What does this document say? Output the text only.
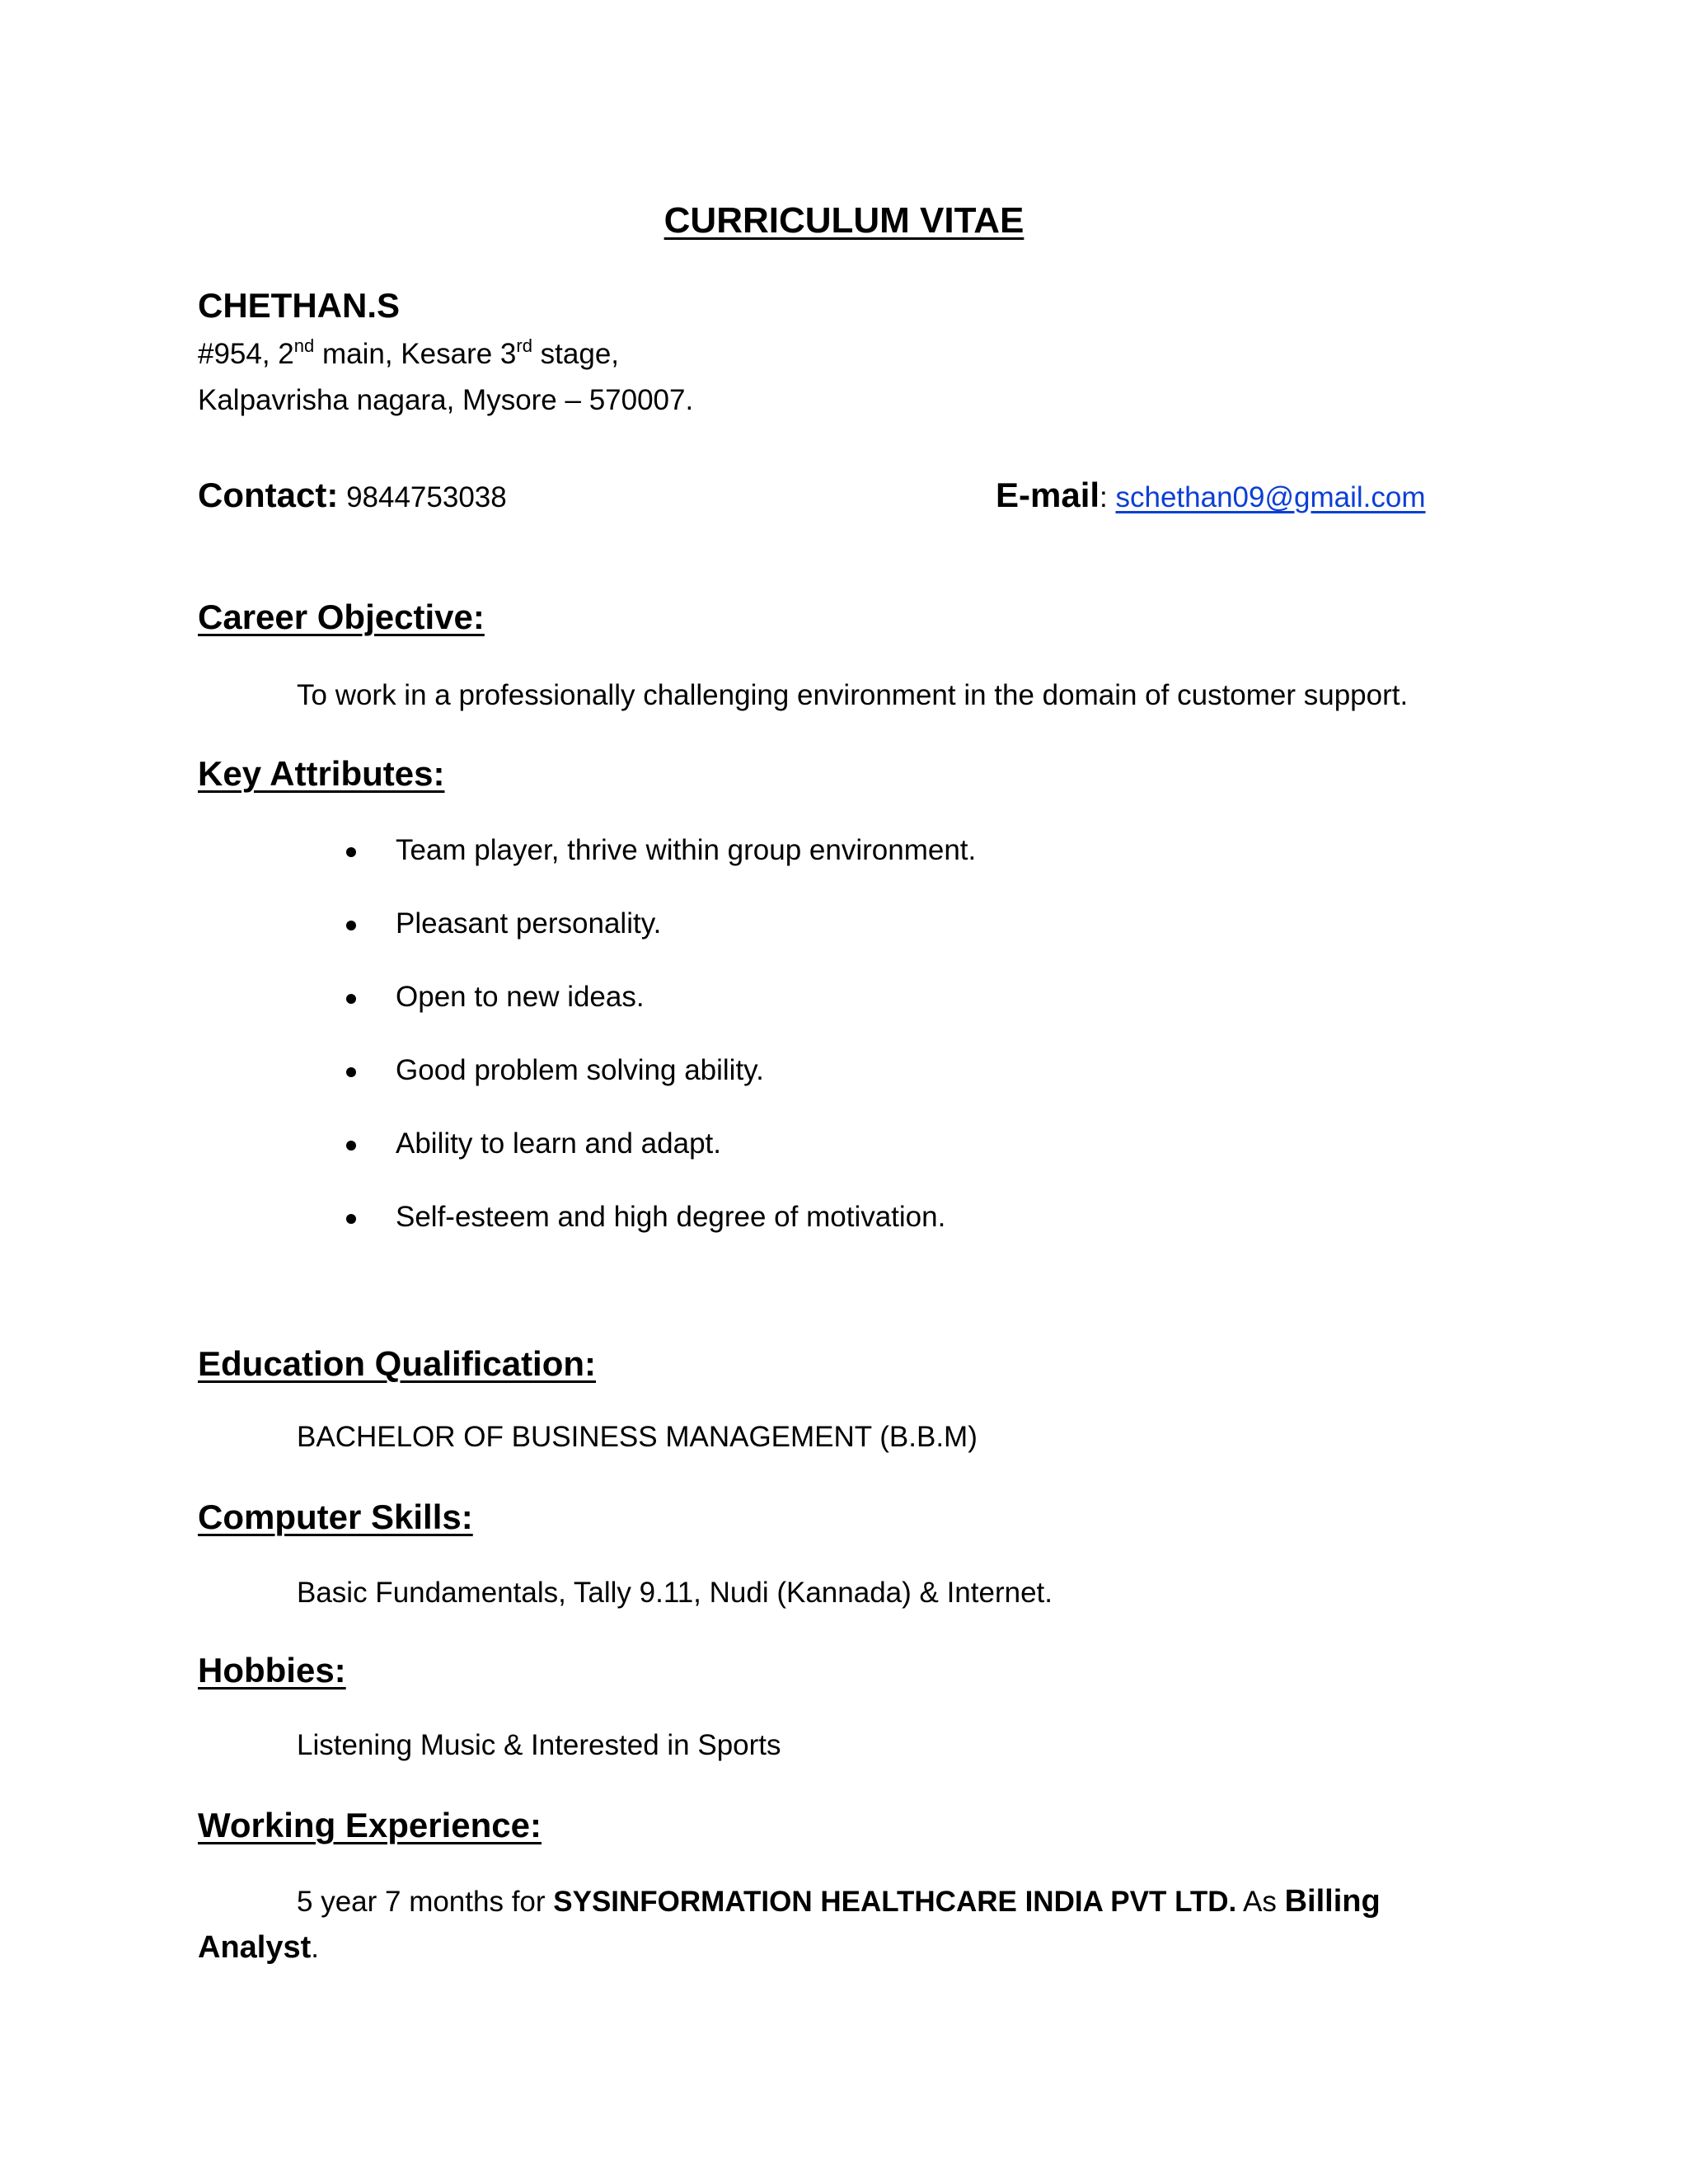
CURRICULUM VITAE
CHETHAN.S
#954, 2nd main, Kesare 3rd stage,
Kalpavrisha nagara, Mysore – 570007.
Contact: 9844753038	E-mail: schethan09@gmail.com
Career Objective:
To work in a professionally challenging environment in the domain of customer support.
Key Attributes:
Team player, thrive within group environment.
Pleasant personality.
Open to new ideas.
Good problem solving ability.
Ability to learn and adapt.
Self-esteem and high degree of motivation.
Education Qualification:
BACHELOR OF BUSINESS MANAGEMENT (B.B.M)
Computer Skills:
Basic Fundamentals, Tally 9.11, Nudi (Kannada) & Internet.
Hobbies:
Listening Music & Interested in Sports
Working Experience:
5 year 7 months for SYSINFORMATION HEALTHCARE INDIA PVT LTD. As Billing
Analyst.
